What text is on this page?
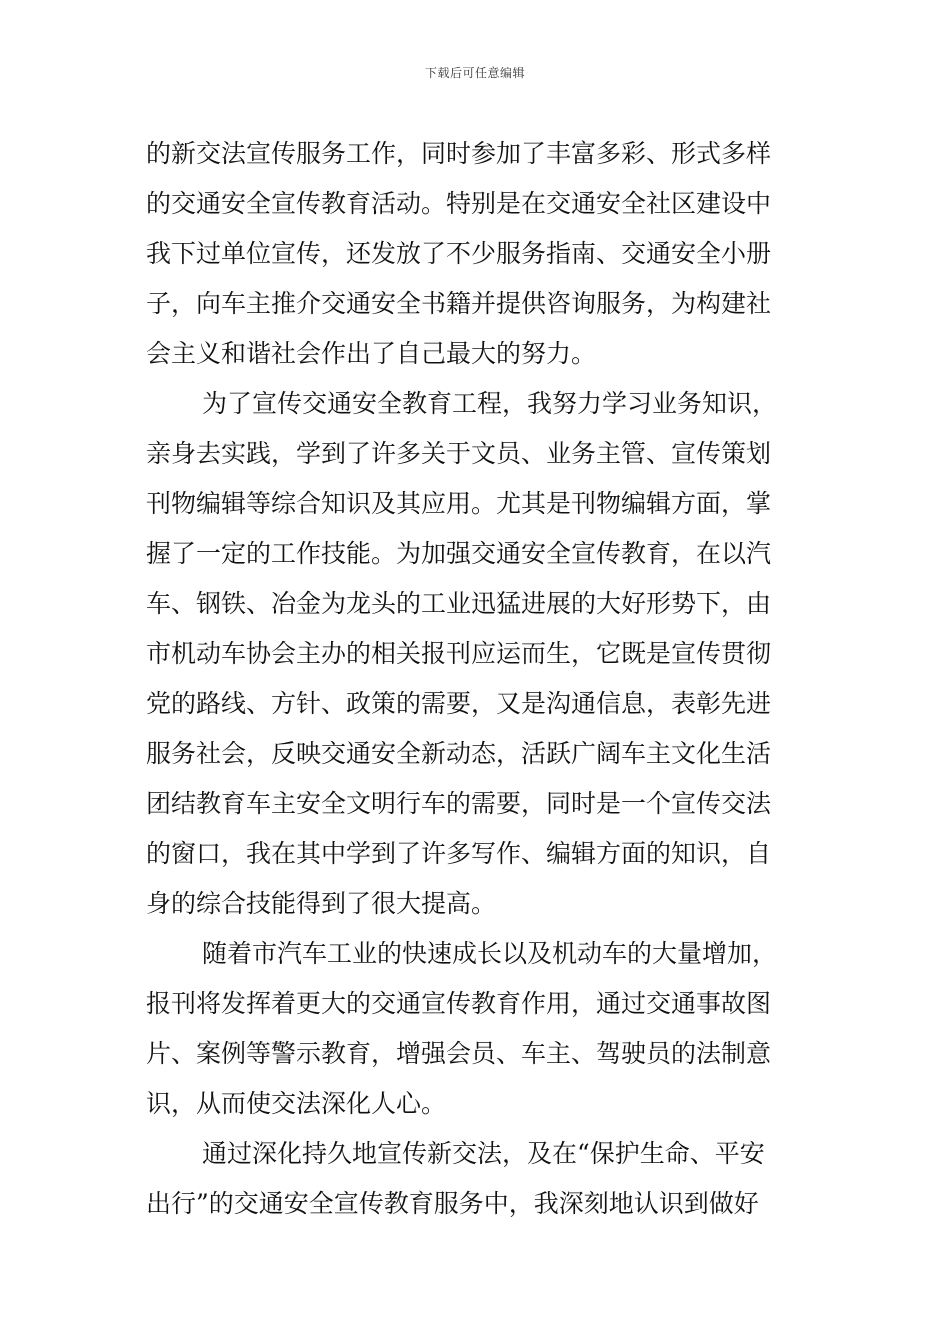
下载后可任意编辑
的新交法宣传服务工作，同时参加了丰富多彩、形式多样
的交通安全宣传教育活动。特别是在交通安全社区建设中
我下过单位宣传，还发放了不少服务指南、交通安全小册
子，向车主推介交通安全书籍并提供咨询服务，为构建社
会主义和谐社会作出了自己最大的努力。
为了宣传交通安全教育工程，我努力学习业务知识，
亲身去实践，学到了许多关于文员、业务主管、宣传策划
刊物编辑等综合知识及其应用。尤其是刊物编辑方面，掌
握了一定的工作技能。为加强交通安全宣传教育，在以汽
车、钢铁、冶金为龙头的工业迅猛进展的大好形势下，由
市机动车协会主办的相关报刊应运而生，它既是宣传贯彻
党的路线、方针、政策的需要，又是沟通信息，表彰先进
服务社会，反映交通安全新动态，活跃广阔车主文化生活
团结教育车主安全文明行车的需要，同时是一个宣传交法
的窗口，我在其中学到了许多写作、编辑方面的知识，自
身的综合技能得到了很大提高。
随着市汽车工业的快速成长以及机动车的大量增加，
报刊将发挥着更大的交通宣传教育作用，通过交通事故图
片、案例等警示教育，增强会员、车主、驾驶员的法制意
识，从而使交法深化人心。
通过深化持久地宣传新交法，及在“保护生命、平安
出行”的交通安全宣传教育服务中，我深刻地认识到做好
